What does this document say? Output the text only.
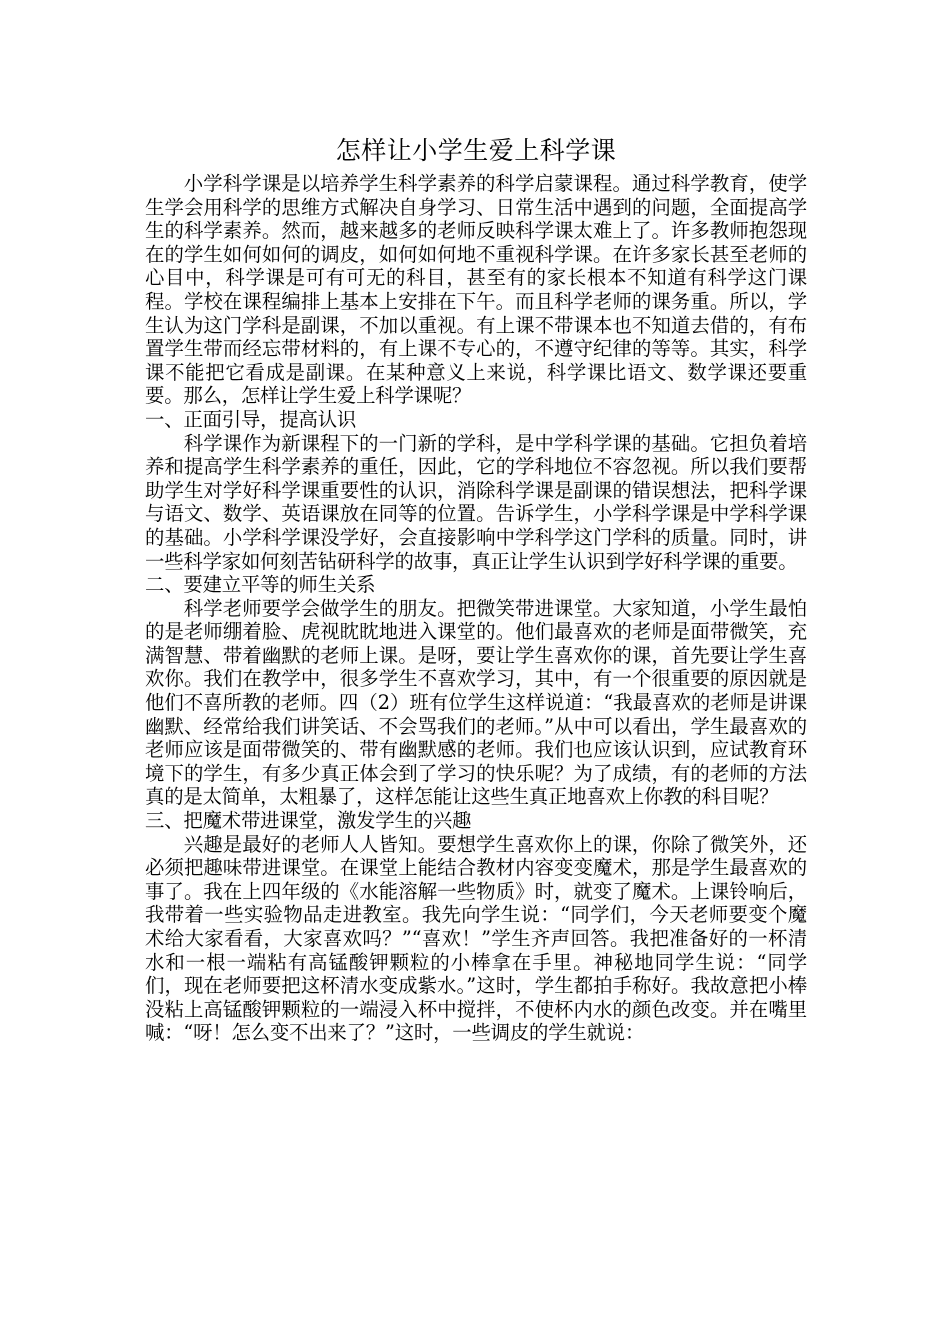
怎样让小学生爱上科学课

小学科学课是以培养学生科学素养的科学启蒙课程。通过科学教育，使学生学会用科学的思维方式解决自身学习、日常生活中遇到的问题，全面提高学生的科学素养。然而，越来越多的老师反映科学课太难上了。许多教师抱怨现在的学生如何如何的调皮，如何如何地不重视科学课。在许多家长甚至老师的心目中，科学课是可有可无的科目，甚至有的家长根本不知道有科学这门课程。学校在课程编排上基本上安排在下午。而且科学老师的课务重。所以，学生认为这门学科是副课，不加以重视。有上课不带课本也不知道去借的，有布置学生带而经忘带材料的，有上课不专心的，不遵守纪律的等等。其实，科学课不能把它看成是副课。在某种意义上来说，科学课比语文、数学课还要重要。那么，怎样让学生爱上科学课呢？

一、正面引导，提高认识

科学课作为新课程下的一门新的学科，是中学科学课的基础。它担负着培养和提高学生科学素养的重任，因此，它的学科地位不容忽视。所以我们要帮助学生对学好科学课重要性的认识，消除科学课是副课的错误想法，把科学课与语文、数学、英语课放在同等的位置。告诉学生，小学科学课是中学科学课的基础。小学科学课没学好，会直接影响中学科学这门学科的质量。同时，讲一些科学家如何刻苦钻研科学的故事，真正让学生认识到学好科学课的重要。

二、要建立平等的师生关系

科学老师要学会做学生的朋友。把微笑带进课堂。大家知道，小学生最怕的是老师绷着脸、虎视眈眈地进入课堂的。他们最喜欢的老师是面带微笑，充满智慧、带着幽默的老师上课。是呀，要让学生喜欢你的课，首先要让学生喜欢你。我们在教学中，很多学生不喜欢学习，其中，有一个很重要的原因就是他们不喜所教的老师。四（2）班有位学生这样说道：“我最喜欢的老师是讲课幽默、经常给我们讲笑话、不会骂我们的老师。”从中可以看出，学生最喜欢的老师应该是面带微笑的、带有幽默感的老师。我们也应该认识到，应试教育环境下的学生，有多少真正体会到了学习的快乐呢？为了成绩，有的老师的方法真的是太简单，太粗暴了，这样怎能让这些生真正地喜欢上你教的科目呢？

三、把魔术带进课堂，激发学生的兴趣

兴趣是最好的老师人人皆知。要想学生喜欢你上的课，你除了微笑外，还必须把趣味带进课堂。在课堂上能结合教材内容变变魔术，那是学生最喜欢的事了。我在上四年级的《水能溶解一些物质》时，就变了魔术。上课铃响后，我带着一些实验物品走进教室。我先向学生说：“同学们，今天老师要变个魔术给大家看看，大家喜欢吗？”“喜欢！”学生齐声回答。我把准备好的一杯清水和一根一端粘有高锰酸钾颗粒的小棒拿在手里。神秘地同学生说：“同学们，现在老师要把这杯清水变成紫水。”这时，学生都拍手称好。我故意把小棒没粘上高锰酸钾颗粒的一端浸入杯中搅拌，不使杯内水的颜色改变。并在嘴里喊：“呀！怎么变不出来了？”这时，一些调皮的学生就说：
